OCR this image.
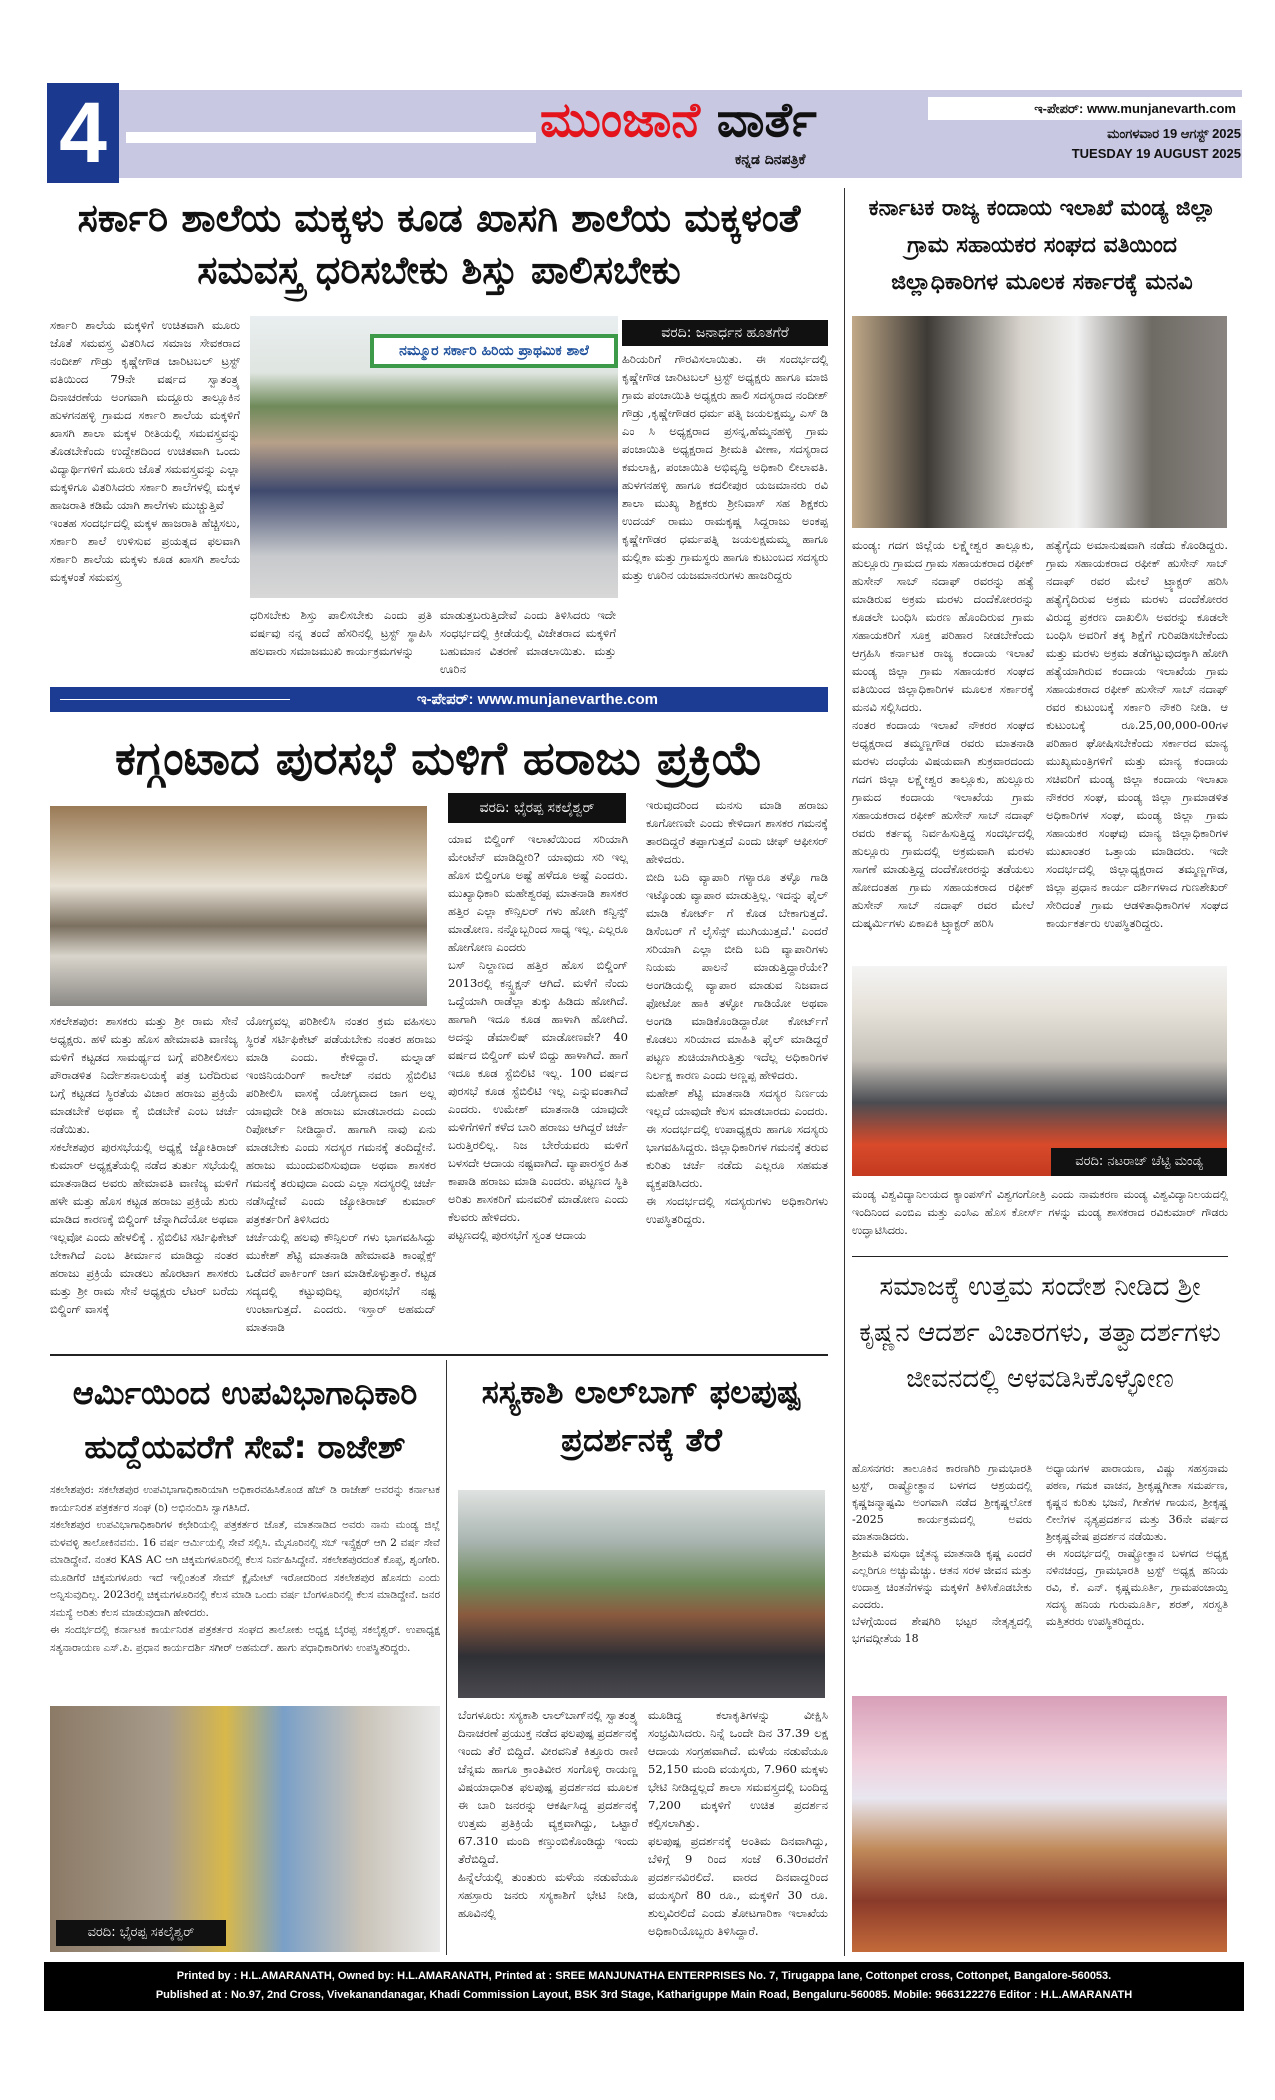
4	ಮುಂಜಾನೆ ವಾರ್ತೆ
ಕನ್ನಡ ದಿನಪತ್ರಿಕೆ
ಇ-ಪೇಪರ್: www.munjanevarth.com
ಮಂಗಳವಾರ 19 ಆಗಸ್ಟ್ 2025
TUESDAY 19 AUGUST 2025
ಸರ್ಕಾರಿ ಶಾಲೆಯ ಮಕ್ಕಳು ಕೂಡ ಖಾಸಗಿ ಶಾಲೆಯ ಮಕ್ಕಳಂತೆ ಸಮವಸ್ತ್ರ ಧರಿಸಬೇಕು ಶಿಸ್ತು ಪಾಲಿಸಬೇಕು
ಸರ್ಕಾರಿ ಶಾಲೆಯ ಮಕ್ಕಳಿಗೆ ಉಚಿತವಾಗಿ ಮೂರು ಜೊತೆ ಸಮವಸ್ತ್ರ ವಿತರಿಸಿದ ಸಮಾಜ ಸೇವಕರಾದ ನಂದೀಶ್ ಗೌಡ್ರು ಕೃಷ್ಣೇಗೌಡ ಚಾರಿಟಬಲ್ ಟ್ರಸ್ಟ್ ವತಿಯಿಂದ 79ನೇ ವರ್ಷದ ಸ್ವಾತಂತ್ರ್ಯ ದಿನಾಚರಣೆಯ ಅಂಗವಾಗಿ ಮದ್ದೂರು ತಾಲ್ಲೂಕಿನ ಹುಳಗನಹಳ್ಳಿ ಗ್ರಾಮದ ಸರ್ಕಾರಿ ಶಾಲೆಯ ಮಕ್ಕಳಿಗೆ ಖಾಸಗಿ ಶಾಲಾ ಮಕ್ಕಳ ರೀತಿಯಲ್ಲಿ ಸಮವಸ್ತ್ರವನ್ನು ತೊಡಬೇಕೆಂದು ಉದ್ದೇಶದಿಂದ ಉಚಿತವಾಗಿ ಒಂದು ವಿದ್ಯಾರ್ಥಿಗಳಿಗೆ ಮೂರು ಜೊತೆ ಸಮವಸ್ತ್ರವನ್ನು ಎಲ್ಲಾ ಮಕ್ಕಳಿಗೂ ವಿತರಿಸಿದರು ಸರ್ಕಾರಿ ಶಾಲೆಗಳಲ್ಲಿ ಮಕ್ಕಳ ಹಾಜರಾತಿ ಕಡಿಮೆ ಯಾಗಿ ಶಾಲೆಗಳು ಮುಚ್ಚುತ್ತಿವೆ
ಇಂತಹ ಸಂದರ್ಭದಲ್ಲಿ ಮಕ್ಕಳ ಹಾಜರಾತಿ ಹೆಚ್ಚಿಸಲು, ಸರ್ಕಾರಿ ಶಾಲೆ ಉಳಿಸುವ ಪ್ರಯತ್ನದ ಫಲವಾಗಿ ಸರ್ಕಾರಿ ಶಾಲೆಯ ಮಕ್ಕಳು ಕೂಡ ಖಾಸಗಿ ಶಾಲೆಯ ಮಕ್ಕಳಂತೆ ಸಮವಸ್ತ್ರ
ನಮ್ಮೂರ ಸರ್ಕಾರಿ ಹಿರಿಯ ಪ್ರಾಥಮಿಕ ಶಾಲೆ
ಧರಿಸಬೇಕು ಶಿಸ್ತು ಪಾಲಿಸಬೇಕು ಎಂದು ಪ್ರತಿ ವರ್ಷವು ನನ್ನ ತಂದೆ ಹೆಸರಿನಲ್ಲಿ ಟ್ರಸ್ಟ್ ಸ್ಥಾಪಿಸಿ ಹಲವಾರು ಸಮಾಜಮುಖಿ ಕಾರ್ಯಕ್ರಮಗಳನ್ನು
ಮಾಡುತ್ತಬರುತ್ತಿದೇವೆ ಎಂದು ತಿಳಿಸಿದರು ಇದೇ ಸಂಧರ್ಭದಲ್ಲಿ ಕ್ರೀಡೆಯಲ್ಲಿ ವಿಜೇತರಾದ ಮಕ್ಕಳಿಗೆ ಬಹುಮಾನ ವಿತರಣೆ ಮಾಡಲಾಯಿತು. ಮತ್ತು ಊರಿನ
ವರದಿ: ಜನಾರ್ಧನ ಹೂತಗೆರೆ
ಹಿರಿಯರಿಗೆ ಗೌರವಿಸಲಾಯಿತು. ಈ ಸಂದರ್ಭದಲ್ಲಿ ಕೃಷ್ಣೇಗೌಡ ಚಾರಿಟಬಲ್ ಟ್ರಸ್ಟ್ ಅಧ್ಯಕ್ಷರು ಹಾಗೂ ಮಾಜಿ ಗ್ರಾಮ ಪಂಚಾಯಿತಿ ಅಧ್ಯಕ್ಷರು ಹಾಲಿ ಸದಸ್ಯರಾದ ನಂದೀಶ್ ಗೌಡ್ರು ,ಕೃಷ್ಣೇಗೌಡರ ಧರ್ಮ ಪತ್ನಿ ಜಯಲಕ್ಷಮ್ಮ, ಎಸ್ ಡಿ ಎಂ ಸಿ ಅಧ್ಯಕ್ಷರಾದ ಪ್ರಸನ್ನ,ಹೆಮ್ಮನಹಳ್ಳಿ ಗ್ರಾಮ ಪಂಚಾಯಿತಿ ಅಧ್ಯಕ್ಷರಾದ ಶ್ರೀಮತಿ ವೀಣಾ, ಸದಸ್ಯರಾದ ಕಮಲಾಕ್ಷಿ, ಪಂಚಾಯಿತಿ ಅಭಿವೃದ್ಧಿ ಅಧಿಕಾರಿ ಲೀಲಾವತಿ. ಹುಳಗನಹಳ್ಳಿ ಹಾಗೂ ಕದಲೀಪುರ ಯಜಮಾನರು ರವಿ ಶಾಲಾ ಮುಖ್ಯ ಶಿಕ್ಷಕರು ಶ್ರೀನಿವಾಸ್ ಸಹ ಶಿಕ್ಷಕರು ಉದಯ್ ರಾಮು ರಾಮಕೃಷ್ಣ ಸಿದ್ದರಾಜು ಅಂಕಪ್ಪ ಕೃಷ್ಣೇಗೌಡರ ಧರ್ಮಪತ್ನಿ ಜಯಲಕ್ಷಮಮ್ಮ ಹಾಗೂ ಮಲ್ಲಿಕಾ ಮತ್ತು ಗ್ರಾಮಸ್ಥರು ಹಾಗೂ ಕುಟುಂಬದ ಸದಸ್ಯರು ಮತ್ತು ಊರಿನ ಯಜಮಾನರುಗಳು ಹಾಜರಿದ್ದರು
ಇ-ಪೇಪರ್: www.munjanevarthe.com
ಕಗ್ಗಂಟಾದ ಪುರಸಭೆ ಮಳಿಗೆ ಹರಾಜು ಪ್ರಕ್ರಿಯೆ
ಸಕಲೇಶಪುರ: ಶಾಸಕರು ಮತ್ತು ಶ್ರೀ ರಾಮ ಸೇನೆ ಅಧ್ಯಕ್ಷರು. ಹಳೆ ಮತ್ತು ಹೊಸ ಹೇಮಾವತಿ ವಾಣಿಜ್ಯ ಮಳಿಗೆ ಕಟ್ಟಡದ ಸಾಮರ್ಥ್ಯದ ಬಗ್ಗೆ ಪರಿಶೀಲಿಸಲು ಪೌರಾಡಳಿತ ನಿರ್ದೇಶನಾಲಯಕ್ಕೆ ಪತ್ರ ಬರೆದಿರುವ ಬಗ್ಗೆ ಕಟ್ಟಡದ ಸ್ಥಿರತೆಯ ವಿಚಾರ ಹರಾಜು ಪ್ರಕ್ರಿಯೆ ಮಾಡಬೇಕೆ ಅಥವಾ ಕೈ ಬಿಡಬೇಕೆ ಎಂಬ ಚರ್ಚೆ ನಡೆಯಿತು.
ಸಕಲೇಶಪುರ ಪುರಸಭೆಯಲ್ಲಿ ಅಧ್ಯಕ್ಷೆ ಜ್ಯೋತಿರಾಜ್ ಕುಮಾರ್ ಅಧ್ಯಕ್ಷತೆಯಲ್ಲಿ ನಡೆದ ತುರ್ತು ಸಭೆಯಲ್ಲಿ ಮಾತನಾಡಿದ ಅವರು ಹೇಮಾವತಿ ವಾಣಿಜ್ಯ ಮಳಿಗೆ ಹಳೇ ಮತ್ತು ಹೊಸ ಕಟ್ಟಡ ಹರಾಜು ಪ್ರಕ್ರಿಯೆ ಶುರು ಮಾಡಿದ ಕಾರಣಕ್ಕೆ ಬಿಲ್ಡಿಂಗ್ ಚೆನ್ನಾಗಿದೆಯೋ ಅಥವಾ ಇಲ್ಲವೋ ಎಂದು ಹೇಳಲಿಕ್ಕೆ . ಸ್ಟೆಬಿಲಿಟಿ ಸರ್ಟಿಫಿಕೇಟ್ ಬೇಕಾಗಿದೆ ಎಂಬ ತೀರ್ಮಾನ ಮಾಡಿದ್ದು ನಂತರ ಹರಾಜು ಪ್ರಕ್ರಿಯೆ ಮಾಡಲು ಹೊರಟಾಗ ಶಾಸಕರು ಮತ್ತು ಶ್ರೀ ರಾಮ ಸೇನೆ ಅಧ್ಯಕ್ಷರು ಲೆಟರ್ ಬರೆದು ಬಿಲ್ಡಿಂಗ್ ವಾಸಕ್ಕೆ
ಯೋಗ್ಯವಲ್ಲ ಪರಿಶೀಲಿಸಿ ನಂತರ ಕ್ರಮ ವಹಿಸಲು ಸ್ಥಿರತೆ ಸರ್ಟಿಫಿಕೇಟ್ ಪಡೆಯಬೇಕು ನಂತರ ಹರಾಜು ಮಾಡಿ ಎಂದು. ಕೇಳಿದ್ದಾರೆ. ಮಲ್ನಾಡ್ ಇಂಜಿನಿಯರಿಂಗ್ ಕಾಲೇಜ್ ನವರು ಸ್ಟೆಬಿಲಿಟಿ ಪರಿಶೀಲಿಸಿ ವಾಸಕ್ಕೆ ಯೋಗ್ಯವಾದ ಜಾಗ ಅಲ್ಲ ಯಾವುದೇ ರೀತಿ ಹರಾಜು ಮಾಡಬಾರದು ಎಂದು ರಿಪೋರ್ಟ್ ನೀಡಿದ್ದಾರೆ. ಹಾಗಾಗಿ ನಾವು ಏನು ಮಾಡಬೇಕು ಎಂದು ಸದಸ್ಯರ ಗಮನಕ್ಕೆ ತಂದಿದ್ದೇನೆ. ಹರಾಜು ಮುಂದುವರಿಸುವುದಾ ಅಥವಾ ಶಾಸಕರ ಗಮನಕ್ಕೆ ತರುವುದಾ ಎಂದು ಎಲ್ಲಾ ಸದಸ್ಯರಲ್ಲಿ ಚರ್ಚೆ ನಡೆಸಿದ್ದೇವೆ ಎಂದು ಜ್ಯೋತಿರಾಜ್ ಕುಮಾರ್ ಪತ್ರಕರ್ತರಿಗೆ ತಿಳಿಸಿದರು
ಚರ್ಚೆಯಲ್ಲಿ ಹಲವು ಕೌನ್ಸಿಲರ್ ಗಳು ಭಾಗವಹಿಸಿದ್ದು ಮುಕೇಶ್ ಶೆಟ್ಟಿ ಮಾತನಾಡಿ ಹೇಮಾವತಿ ಕಾಂಪ್ಲೆಕ್ಸ್ ಒಡೆದರೆ ಪಾರ್ಕಿಂಗ್ ಜಾಗ ಮಾಡಿಕೊಳ್ಳುತ್ತಾರೆ. ಕಟ್ಟಡ ಸದ್ಯದಲ್ಲಿ ಕಟ್ಟುವುದಿಲ್ಲ ಪುರಸಭೆಗೆ ನಷ್ಟ ಉಂಟಾಗುತ್ತದೆ. ಎಂದರು. ಇಸ್ತಾರ್ ಅಹಮದ್ ಮಾತನಾಡಿ
ವರದಿ: ಭೈರಪ್ಪ ಸಕಲೈಶ್ವರ್
ಯಾವ ಬಿಲ್ಡಿಂಗ್ ಇಲಾಖೆಯಿಂದ ಸರಿಯಾಗಿ ಮೇಂಟೆನ್ ಮಾಡಿದ್ದೀರಿ? ಯಾವುದು ಸರಿ ಇಲ್ಲ ಹೊಸ ಬಿಲ್ಡಿಂಗೂ ಅಷ್ಟೆ ಹಳೆದೂ ಅಷ್ಟೆ ಎಂದರು. ಮುಖ್ಯಾಧಿಕಾರಿ ಮಹೇಶ್ವರಪ್ಪ ಮಾತನಾಡಿ ಶಾಸಕರ ಹತ್ತಿರ ಎಲ್ಲಾ ಕೌನ್ಸಿಲರ್ ಗಳು ಹೋಗಿ ಕನ್ವಿನ್ಸ್ ಮಾಡೋಣ. ನನ್ನೊಬ್ಬರಿಂದ ಸಾಧ್ಯ ಇಲ್ಲ. ಎಲ್ಲರೂ ಹೋಗೋಣ ಎಂದರು
ಬಸ್ ನಿಲ್ದಾಣದ ಹತ್ತಿರ ಹೊಸ ಬಿಲ್ಡಿಂಗ್ 2013ರಲ್ಲಿ ಕನ್ಸ್ಟ್ರಕ್ಷನ್ ಆಗಿದೆ. ಮಳೆಗೆ ನೆಂದು ಒದ್ದೆಯಾಗಿ ರಾಡೆಲ್ಲಾ ತುಕ್ಕು ಹಿಡಿದು ಹೋಗಿದೆ. ಹಾಗಾಗಿ ಇದೂ ಕೂಡ ಹಾಳಾಗಿ ಹೋಗಿದೆ. ಅದನ್ನು ಡೆಮಾಲಿಷ್ ಮಾಡೋಣವೇ? 40 ವರ್ಷದ ಬಿಲ್ಡಿಂಗ್ ಮಳೆ ಬಿದ್ದು ಹಾಳಾಗಿದೆ. ಹಾಗೆ ಇದೂ ಕೂಡ ಸ್ಟೆಬಿಲಿಟಿ ಇಲ್ಲ. 100 ವರ್ಷದ ಪುರಸಭೆ ಕೂಡ ಸ್ಟೆಬಿಲಿಟಿ ಇಲ್ಲ ಎನ್ನುವಂತಾಗಿದೆ ಎಂದರು. ಉಮೇಶ್ ಮಾತನಾಡಿ ಯಾವುದೇ ಮಳಿಗೆಗಳಿಗೆ ಕಳೆದ ಬಾರಿ ಹರಾಜು ಆಗಿದ್ದರೆ ಚರ್ಚೆ ಬರುತ್ತಿರಲಿಲ್ಲ. ನಿಜ ಬೇರೆಯವರು ಮಳಿಗೆ ಬಳಸದೇ ಆದಾಯ ನಷ್ಟವಾಗಿದೆ. ವ್ಯಾಪಾರಸ್ಥರ ಹಿತ ಕಾಪಾಡಿ ಹರಾಜು ಮಾಡಿ ಎಂದರು. ಪಟ್ಟಣದ ಸ್ಥಿತಿ ಅರಿತು ಶಾಸಕರಿಗೆ ಮನವರಿಕೆ ಮಾಡೋಣ ಎಂದು ಕೆಲವರು ಹೇಳಿದರು.
ಪಟ್ಟಣದಲ್ಲಿ ಪುರಸಭೆಗೆ ಸ್ವಂತ ಆದಾಯ
ಇರುವುದರಿಂದ ಮನಸು ಮಾಡಿ ಹರಾಜು ಕೂಗೋಣವೇ ಎಂದು ಕೇಳಿದಾಗ ಶಾಸಕರ ಗಮನಕ್ಕೆ ತಾರದಿದ್ದರೆ ತಪ್ಪಾಗುತ್ತದೆ ಎಂದು ಚೀಫ್ ಆಫೀಸರ್ ಹೇಳಿದರು.
ಬೀದಿ ಬದಿ ವ್ಯಾಪಾರಿ ಗಳ್ಯಾರೂ ತಳ್ಳೊ ಗಾಡಿ ಇಟ್ಕೊಂಡು ವ್ಯಾಪಾರ ಮಾಡುತ್ತಿಲ್ಲ. ಇದನ್ನು ಫೈಲ್ ಮಾಡಿ ಕೋರ್ಟ್ ಗೆ ಕೊಡ ಬೇಕಾಗುತ್ತದೆ. ಡಿಸೆಂಬರ್ ಗೆ ಲೈಸೆನ್ಸ್ ಮುಗಿಯುತ್ತದೆ.' ಎಂದರೆ ಸರಿಯಾಗಿ ಎಲ್ಲಾ ಬೀದಿ ಬದಿ ವ್ಯಾಪಾರಿಗಳು ನಿಯಮ ಪಾಲನೆ ಮಾಡುತ್ತಿದ್ದಾರೆಯೇ? ಅಂಗಡಿಯಲ್ಲಿ ವ್ಯಾಪಾರ ಮಾಡುವ ನಿಜವಾದ ಫೋಟೋ ಹಾಕಿ ತಳ್ಳೋ ಗಾಡಿಯೋ ಅಥವಾ ಅಂಗಡಿ ಮಾಡಿಕೊಂಡಿದ್ದಾರೋ ಕೋರ್ಟ್‌ಗೆ ಕೊಡಲು ಸರಿಯಾದ ಮಾಹಿತಿ ಫೈಲ್ ಮಾಡಿದ್ದರೆ ಪಟ್ಟಣ ಶುಚಿಯಾಗಿರುತ್ತಿತ್ತು ಇದೆಲ್ಲ ಅಧಿಕಾರಿಗಳ ನಿರ್ಲಕ್ಷ ಕಾರಣ ಎಂದು ಅಣ್ಣಪ್ಪ ಹೇಳಿದರು.
ಮಹೇಶ್ ಶೆಟ್ಟಿ ಮಾತನಾಡಿ ಸದಸ್ಯರ ನಿರ್ಣಯ ಇಲ್ಲದೆ ಯಾವುದೇ ಕೆಲಸ ಮಾಡಬಾರದು ಎಂದರು. ಈ ಸಂದರ್ಭದಲ್ಲಿ ಉಪಾಧ್ಯಕ್ಷರು ಹಾಗೂ ಸದಸ್ಯರು ಭಾಗವಹಿಸಿದ್ದರು. ಜಿಲ್ಲಾಧಿಕಾರಿಗಳ ಗಮನಕ್ಕೆ ತರುವ ಕುರಿತು ಚರ್ಚೆ ನಡೆದು ಎಲ್ಲರೂ ಸಹಮತ ವ್ಯಕ್ತಪಡಿಸಿದರು.
ಈ ಸಂದರ್ಭದಲ್ಲಿ ಸದಸ್ಯರುಗಳು ಅಧಿಕಾರಿಗಳು ಉಪಸ್ಥಿತರಿದ್ದರು.
ಆರ್ಮಿಯಿಂದ ಉಪವಿಭಾಗಾಧಿಕಾರಿ ಹುದ್ದೆಯವರೆಗೆ ಸೇವೆ: ರಾಜೇಶ್
ಸಕಲೇಶಪುರ: ಸಕಲೇಶಪುರ ಉಪವಿಭಾಗಾಧಿಕಾರಿಯಾಗಿ ಅಧಿಕಾರವಹಿಸಿಕೊಂಡ ಹೆಚ್ ಡಿ ರಾಜೇಶ್ ಅವರನ್ನು ಕರ್ನಾಟಕ ಕಾರ್ಯನಿರತ ಪತ್ರಕರ್ತರ ಸಂಘ (ರಿ) ಅಭಿನಂದಿಸಿ ಸ್ವಾಗತಿಸಿದೆ.
ಸಕಲೇಶಪುರ ಉಪವಿಭಾಗಾಧಿಕಾರಿಗಳ ಕಛೇರಿಯಲ್ಲಿ ಪತ್ರಕರ್ತರ ಜೊತೆ, ಮಾತನಾಡಿದ ಅವರು ನಾನು ಮಂಡ್ಯ ಜಿಲ್ಲೆ ಮಳವಳ್ಳಿ ತಾಲೋಕಿನವನು. 16 ವರ್ಷ ಆರ್ಮಿಯಲ್ಲಿ ಸೇವೆ ಸಲ್ಲಿಸಿ. ಮೈಸೂರಿನಲ್ಲಿ ಸಬ್ ಇನ್ಸ್ಪೆಕ್ಟರ್ ಆಗಿ 2 ವರ್ಷ ಸೇವೆ ಮಾಡಿದ್ದೇನೆ. ನಂತರ KAS AC ಆಗಿ ಚಿಕ್ಕಮಗಳೂರಿನಲ್ಲಿ ಕೆಲಸ ನಿರ್ವಹಿಸಿದ್ದೇನೆ. ಸಕಲೇಶಪುರದಂತೆ ಕೊಪ್ಪ, ಶೃಂಗೇರಿ. ಮೂಡಿಗೆರೆ ಚಿಕ್ಕಮಗಳೂರು ಇದೆ ಇಲ್ಲಿಂತಂತೆ ಸೇಮ್ ಕ್ಲೈಮೇಟ್ ಇರೋದರಿಂದ ಸಕಲೇಶಪುರ ಹೊಸದು ಎಂದು ಅನ್ನಿಸುವುದಿಲ್ಲ. 2023ರಲ್ಲಿ ಚಿಕ್ಕಮಗಳೂರಿನಲ್ಲಿ ಕೆಲಸ ಮಾಡಿ ಒಂದು ವರ್ಷ ಬೆಂಗಳೂರಿನಲ್ಲಿ ಕೆಲಸ ಮಾಡಿದ್ದೇನೆ. ಜನರ ಸಮಸ್ಯೆ ಅರಿತು ಕೆಲಸ ಮಾಡುವುದಾಗಿ ಹೇಳಿದರು.
ಈ ಸಂದರ್ಭದಲ್ಲಿ ಕರ್ನಾಟಕ ಕಾರ್ಯನಿರತ ಪತ್ರಕರ್ತರ ಸಂಘದ ತಾಲೋಕು ಅಧ್ಯಕ್ಷ ಬೈರಪ್ಪ ಸಕಲೈಶ್ವರ್. ಉಪಾಧ್ಯಕ್ಷ ಸತ್ಯನಾರಾಯಣ ಎಸ್.ಪಿ. ಪ್ರಧಾನ ಕಾರ್ಯದರ್ಶಿ ಸಗೀರ್ ಅಹಮದ್. ಹಾಗು ಪಧಾಧಿಕಾರಿಗಳು ಉಪಸ್ಥಿತರಿದ್ದರು.
ವರದಿ: ಭೈರಪ್ಪ ಸಕಲೈಶ್ವರ್
ಸಸ್ಯಕಾಶಿ ಲಾಲ್‌ಬಾಗ್ ಫಲಪುಷ್ಪ ಪ್ರದರ್ಶನಕ್ಕೆ ತೆರೆ
ಬೆಂಗಳೂರು: ಸಸ್ಯಕಾಶಿ ಲಾಲ್‌ಬಾಗ್‌ನಲ್ಲಿ ಸ್ವಾತಂತ್ರ್ಯ ದಿನಾಚರಣೆ ಪ್ರಯುಕ್ತ ನಡೆದ ಫಲಪುಷ್ಪ ಪ್ರದರ್ಶನಕ್ಕೆ ಇಂದು ತೆರೆ ಬಿದ್ದಿದೆ. ವೀರವನಿತೆ ಕಿತ್ತೂರು ರಾಣಿ ಚೆನ್ನಮ ಹಾಗೂ ಕ್ರಾಂತಿವೀರ ಸಂಗೊಳ್ಳಿ ರಾಯಣ್ಣ ವಿಷಯಾಧಾರಿತ ಫಲಪುಷ್ಪ ಪ್ರದರ್ಶನದ ಮೂಲಕ ಈ ಬಾರಿ ಜನರನ್ನು ಆಕರ್ಷಿಸಿದ್ದ ಪ್ರದರ್ಶನಕ್ಕೆ ಉತ್ತಮ ಪ್ರತಿಕ್ರಿಯೆ ವ್ಯಕ್ತವಾಗಿದ್ದು, ಒಟ್ಟಾರೆ 67.310 ಮಂದಿ ಕಣ್ತುಂಬಿಕೊಂಡಿದ್ದು ಇಂದು ತೆರೆಬಿದ್ದಿದೆ.
ಹಿನ್ನೆಲೆಯಲ್ಲಿ ತುಂತುರು ಮಳೆಯ ನಡುವೆಯೂ ಸಹಸ್ರಾರು ಜನರು ಸಸ್ಯಕಾಶಿಗೆ ಭೇಟಿ ನೀಡಿ, ಹೂವಿನಲ್ಲಿ
ಮೂಡಿದ್ದ ಕಲಾಕೃತಿಗಳನ್ನು ವೀಕ್ಷಿಸಿ ಸಂಭ್ರಮಿಸಿದರು. ನಿನ್ನೆ ಒಂದೇ ದಿನ 37.39 ಲಕ್ಷ ಆದಾಯ ಸಂಗ್ರಹವಾಗಿದೆ. ಮಳೆಯ ನಡುವೆಯೂ 52,150 ಮಂದಿ ವಯಸ್ಕರು, 7.960 ಮಕ್ಕಳು ಭೇಟಿ ನೀಡಿದ್ದಲ್ಲದೆ ಶಾಲಾ ಸಮವಸ್ತ್ರದಲ್ಲಿ ಬಂದಿದ್ದ 7,200 ಮಕ್ಕಳಿಗೆ ಉಚಿತ ಪ್ರದರ್ಶನ ಕಲ್ಪಿಸಲಾಗಿತ್ತು.
ಫಲಪುಷ್ಪ ಪ್ರದರ್ಶನಕ್ಕೆ ಅಂತಿಮ ದಿನವಾಗಿದ್ದು, ಬೆಳಿಗ್ಗೆ 9 ರಿಂದ ಸಂಜೆ 6.30ರವರೆಗೆ ಪ್ರದರ್ಶನವಿರಲಿದೆ. ವಾರದ ದಿನವಾದ್ದರಿಂದ ವಯಸ್ಕರಿಗೆ 80 ರೂ., ಮಕ್ಕಳಿಗೆ 30 ರೂ. ಶುಲ್ಕವಿರಲಿದೆ ಎಂದು ತೋಟಗಾರಿಕಾ ಇಲಾಖೆಯ ಅಧಿಕಾರಿಯೊಬ್ಬರು ತಿಳಿಸಿದ್ದಾರೆ.
ಕರ್ನಾಟಕ ರಾಜ್ಯ ಕಂದಾಯ ಇಲಾಖೆ ಮಂಡ್ಯ ಜಿಲ್ಲಾ ಗ್ರಾಮ ಸಹಾಯಕರ ಸಂಘದ ವತಿಯಿಂದ ಜಿಲ್ಲಾಧಿಕಾರಿಗಳ ಮೂಲಕ ಸರ್ಕಾರಕ್ಕೆ ಮನವಿ
ಮಂಡ್ಯ: ಗದಗ ಜಿಲ್ಲೆಯ ಲಕ್ಷ್ಮೇಶ್ವರ ತಾಲ್ಲೂಕು, ಹುಲ್ಲೂರು ಗ್ರಾಮದ ಗ್ರಾಮ ಸಹಾಯಕರಾದ ರಫೀಕ್ ಹುಸೇನ್ ಸಾಬ್ ನದಾಫ್ ರವರನ್ನು ಹತ್ಯೆ ಮಾಡಿರುವ ಅಕ್ರಮ ಮರಳು ದಂದೆಕೋರರನ್ನು ಕೂಡಲೇ ಬಂಧಿಸಿ ಮರಣ ಹೊಂದಿರುವ ಗ್ರಾಮ ಸಹಾಯಕರಿಗೆ ಸೂಕ್ತ ಪರಿಹಾರ ನೀಡಬೇಕೆಂದು ಆಗ್ರಹಿಸಿ ಕರ್ನಾಟಕ ರಾಜ್ಯ ಕಂದಾಯ ಇಲಾಖೆ ಮಂಡ್ಯ ಜಿಲ್ಲಾ ಗ್ರಾಮ ಸಹಾಯಕರ ಸಂಘದ ವತಿಯಿಂದ ಜಿಲ್ಲಾಧಿಕಾರಿಗಳ ಮೂಲಕ ಸರ್ಕಾರಕ್ಕೆ ಮನವಿ ಸಲ್ಲಿಸಿದರು.
ನಂತರ ಕಂದಾಯ ಇಲಾಖೆ ನೌಕರರ ಸಂಘದ ಅಧ್ಯಕ್ಷರಾದ ತಮ್ಮಣ್ಣಗೌಡ ರವರು ಮಾತನಾಡಿ ಮರಳು ದಂಧೆಯ ವಿಷಯವಾಗಿ ಶುಕ್ರವಾರದಂದು ಗದಗ ಜಿಲ್ಲಾ ಲಕ್ಷ್ಮೇಶ್ವರ ತಾಲ್ಲೂಕು, ಹುಲ್ಲೂರು ಗ್ರಾಮದ ಕಂದಾಯ ಇಲಾಖೆಯ ಗ್ರಾಮ ಸಹಾಯಕರಾದ ರಫೀಕ್ ಹುಸೇನ್ ಸಾಬ್ ನದಾಫ್ ರವರು ಕರ್ತವ್ಯ ನಿರ್ವಹಿಸುತ್ತಿದ್ದ ಸಂದರ್ಭದಲ್ಲಿ ಹುಲ್ಲೂರು ಗ್ರಾಮದಲ್ಲಿ ಅಕ್ರಮವಾಗಿ ಮರಳು ಸಾಗಣೆ ಮಾಡುತ್ತಿದ್ದ ದಂದೆಕೋರರನ್ನು ತಡೆಯಲು ಹೋದಂತಹ ಗ್ರಾಮ ಸಹಾಯಕರಾದ ರಫೀಕ್ ಹುಸೇನ್ ಸಾಬ್ ನದಾಫ್ ರವರ ಮೇಲೆ ದುಷ್ಕರ್ಮಿಗಳು ಏಕಾಏಕಿ ಟ್ರ್ಯಾಕ್ಟರ್ ಹರಿಸಿ
ಹತ್ಯೆಗೈದು ಅಮಾನುಷವಾಗಿ ನಡೆದು ಕೊಂಡಿದ್ದರು. ಗ್ರಾಮ ಸಹಾಯಕರಾದ ರಫೀಕ್ ಹುಸೇನ್ ಸಾಬ್ ನದಾಫ್ ರವರ ಮೇಲೆ ಟ್ರ್ಯಾಕ್ಟರ್ ಹರಿಸಿ ಹತ್ಯೆಗೈದಿರುವ ಅಕ್ರಮ ಮರಳು ದಂದೆಕೋರರ ವಿರುದ್ಧ ಪ್ರಕರಣ ದಾಖಲಿಸಿ ಅವರನ್ನು ಕೂಡಲೇ ಬಂಧಿಸಿ ಅವರಿಗೆ ತಕ್ಕ ಶಿಕ್ಷೆಗೆ ಗುರಿಪಡಿಸಬೇಕೆಂದು ಮತ್ತು ಮರಳು ಅಕ್ರಮ ತಡೆಗಟ್ಟುವುದಕ್ಕಾಗಿ ಹೋಗಿ ಹತ್ಯೆಯಾಗಿರುವ ಕಂದಾಯ ಇಲಾಖೆಯ ಗ್ರಾಮ ಸಹಾಯಕರಾದ ರಫೀಕ್ ಹುಸೇನ್ ಸಾಬ್ ನದಾಫ್ ರವರ ಕುಟುಂಬಕ್ಕೆ ಸರ್ಕಾರಿ ನೌಕರಿ ನೀಡಿ. ಆ ಕುಟುಂಬಕ್ಕೆ ರೂ.25,00,000-00ಗಳ ಪರಿಹಾರ ಘೋಷಿಸಬೇಕೆಂದು ಸರ್ಕಾರದ ಮಾನ್ಯ ಮುಖ್ಯಮಂತ್ರಿಗಳಿಗೆ ಮತ್ತು ಮಾನ್ಯ ಕಂದಾಯ ಸಚಿವರಿಗೆ ಮಂಡ್ಯ ಜಿಲ್ಲಾ ಕಂದಾಯ ಇಲಾಖಾ ನೌಕರರ ಸಂಘ, ಮಂಡ್ಯ ಜಿಲ್ಲಾ ಗ್ರಾಮಾಡಳಿತ ಅಧಿಕಾರಿಗಳ ಸಂಘ, ಮಂಡ್ಯ ಜಿಲ್ಲಾ ಗ್ರಾಮ ಸಹಾಯಕರ ಸಂಘವು ಮಾನ್ಯ ಜಿಲ್ಲಾಧಿಕಾರಿಗಳ ಮುಖಾಂತರ ಒತ್ತಾಯ ಮಾಡಿದರು. ಇದೇ ಸಂದರ್ಭದಲ್ಲಿ ಜಿಲ್ಲಾಧ್ಯಕ್ಷರಾದ ತಮ್ಮಣ್ಣಗೌಡ, ಜಿಲ್ಲಾ ಪ್ರಧಾನ ಕಾರ್ಯ ದರ್ಶಿಗಳಾದ ಗುಣಶೇಖರ್ ಸೇರಿದಂತೆ ಗ್ರಾಮ ಆಡಳಿತಾಧಿಕಾರಿಗಳ ಸಂಘದ ಕಾರ್ಯಕರ್ತರು ಉಪಸ್ಥಿತರಿದ್ದರು.
ವರದಿ: ನಟರಾಜ್ ಚೆಟ್ಟಿ ಮಂಡ್ಯ
ಮಂಡ್ಯ ವಿಶ್ವವಿದ್ಯಾನಿಲಯದ ಕ್ಯಾಂಪಸ್‌ಗೆ ವಿಶ್ವಗಂಗೋತ್ರಿ ಎಂದು ನಾಮಕರಣ ಮಂಡ್ಯ ವಿಶ್ವವಿದ್ಯಾನಿಲಯದಲ್ಲಿ ಇಂದಿನಿಂದ ಎಂಬಿಎ ಮತ್ತು ಎಂಸಿಎ ಹೊಸ ಕೋರ್ಸ್ ಗಳನ್ನು ಮಂಡ್ಯ ಶಾಸಕರಾದ ರವಿಕುಮಾರ್ ಗೌಡರು ಉದ್ಘಾಟಿಸಿದರು.
ಸಮಾಜಕ್ಕೆ ಉತ್ತಮ ಸಂದೇಶ ನೀಡಿದ ಶ್ರೀ ಕೃಷ್ಣನ ಆದರ್ಶ ವಿಚಾರಗಳು, ತತ್ವಾದರ್ಶಗಳು ಜೀವನದಲ್ಲಿ ಅಳವಡಿಸಿಕೊಳ್ಳೋಣ
ಹೊಸನಗರ: ತಾಲೂಕಿನ ಕಾರಣಗಿರಿ ಗ್ರಾಮಭಾರತಿ ಟ್ರಸ್ಟ್, ರಾಷ್ಟ್ರೋತ್ಥಾನ ಬಳಗದ ಆಶ್ರಯದಲ್ಲಿ ಕೃಷ್ಣಜನ್ಮಾಷ್ಟಮಿ ಅಂಗವಾಗಿ ನಡೆದ ಶ್ರೀಕೃಷ್ಣಲೋಕ -2025 ಕಾರ್ಯಕ್ರಮದಲ್ಲಿ ಅವರು ಮಾತನಾಡಿದರು.
ಶ್ರೀಮತಿ ವಸುಧಾ ಚೈತನ್ಯ ಮಾತನಾಡಿ ಕೃಷ್ಣ ಎಂದರೆ ಎಲ್ಲರಿಗೂ ಅಚ್ಚುಮೆಚ್ಚು. ಆತನ ಸರಳ ಜೀವನ ಮತ್ತು ಉದಾತ್ತ ಚಿಂತನೆಗಳನ್ನು ಮಕ್ಕಳಿಗೆ ತಿಳಿಸಿಕೊಡಬೇಕು ಎಂದರು.
ಬೆಳಗ್ಗೆಯಿಂದ ಶೇಷಗಿರಿ ಭಟ್ಟರ ನೇತೃತ್ವದಲ್ಲಿ ಭಗವದ್ಗೀತೆಯ 18
ಅಧ್ಯಾಯಗಳ ಪಾರಾಯಣ, ವಿಷ್ಣು ಸಹಸ್ರನಾಮ ಪಠಣ, ಗಮಕ ವಾಚನ, ಶ್ರೀಕೃಷ್ಣಗೀತಾ ಸಮರ್ಪಣ, ಕೃಷ್ಣನ ಕುರಿತು ಭಜನೆ, ಗೀತೆಗಳ ಗಾಯನ, ಶ್ರೀಕೃಷ್ಣ ಲೀಲೆಗಳ ನೃತ್ಯಪ್ರದರ್ಶನ ಮತ್ತು 36ನೇ ವರ್ಷದ ಶ್ರೀಕೃಷ್ಣವೇಷ ಪ್ರದರ್ಶನ ನಡೆಯಿತು.
ಈ ಸಂದರ್ಭದಲ್ಲಿ ರಾಷ್ಟ್ರೋತ್ಥಾನ ಬಳಗದ ಅಧ್ಯಕ್ಷ ನಳಿನಚಂದ್ರ, ಗ್ರಾಮಭಾರತಿ ಟ್ರಸ್ಟ್ ಅಧ್ಯಕ್ಷ ಹನಿಯ ರವಿ, ಕೆ. ಎನ್. ಕೃಷ್ಣಮೂರ್ತಿ, ಗ್ರಾಮಪಂಚಾಯ್ತಿ ಸದಸ್ಯ ಹನಿಯ ಗುರುಮೂರ್ತಿ, ಶರತ್, ಸರಸ್ವತಿ ಮತ್ತಿತರರು ಉಪಸ್ಥಿತರಿದ್ದರು.
Printed by : H.L.AMARANATH, Owned by: H.L.AMARANATH, Printed at : SREE MANJUNATHA ENTERPRISES No. 7, Tirugappa lane, Cottonpet cross, Cottonpet, Bangalore-560053.
Published at : No.97, 2nd Cross, Vivekanandanagar, Khadi Commission Layout, BSK 3rd Stage, Kathariguppe Main Road, Bengaluru-560085. Mobile: 9663122276 Editor : H.L.AMARANATH
